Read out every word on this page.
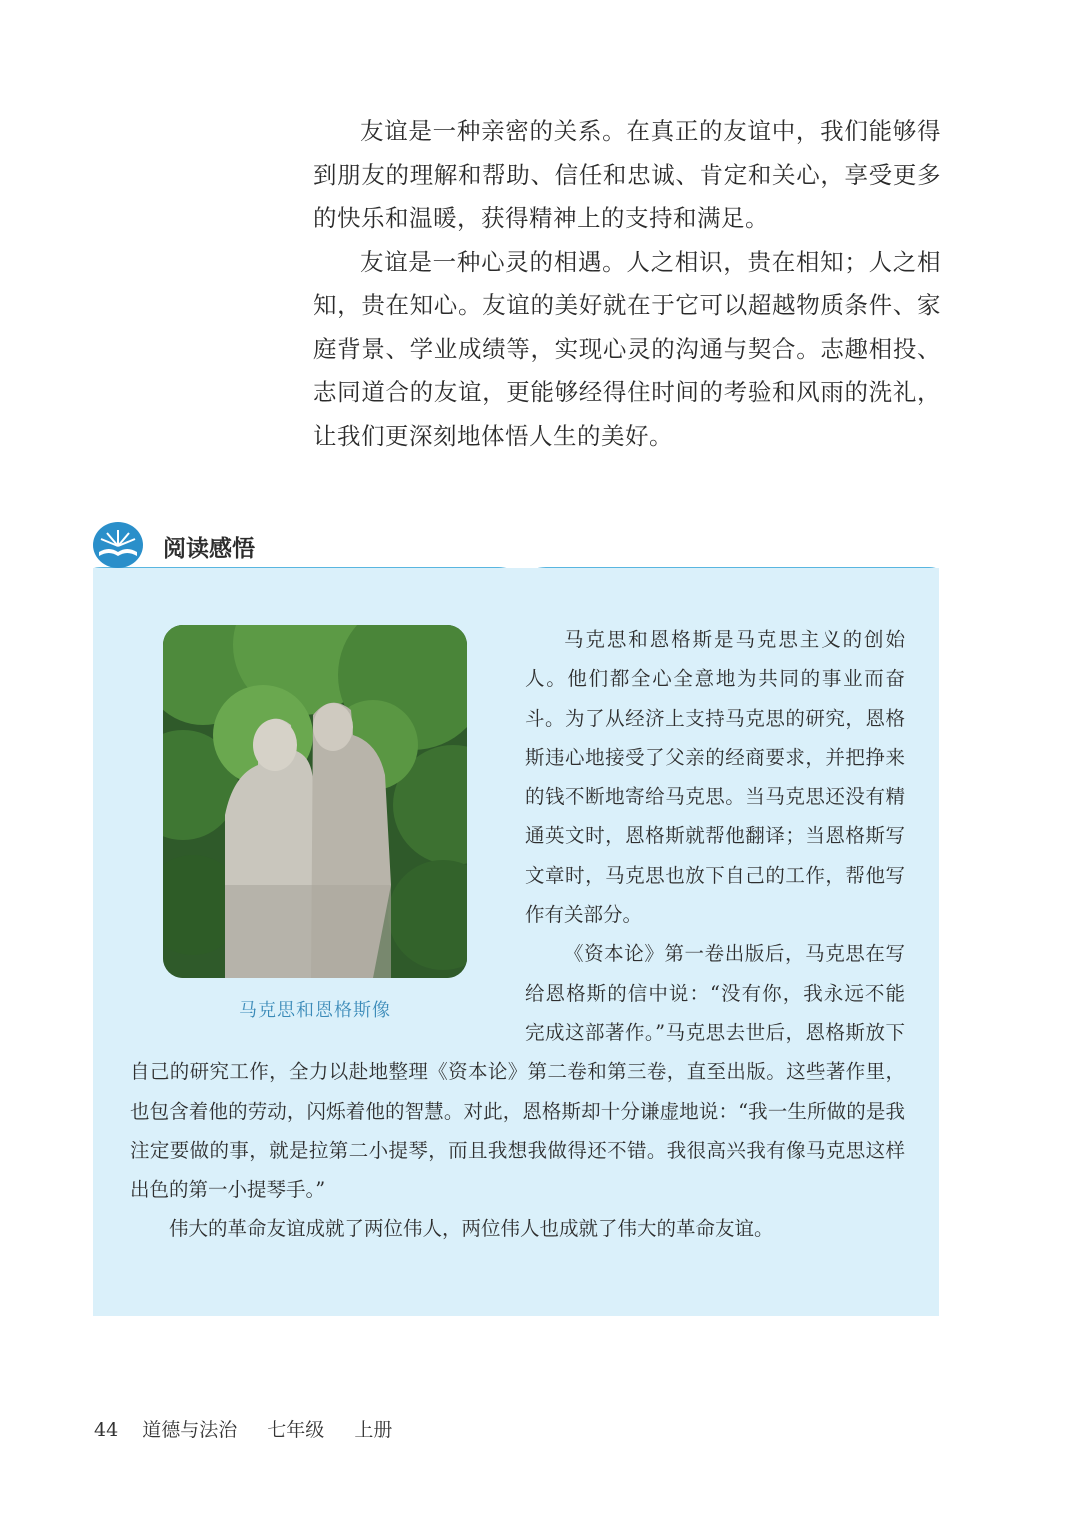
友谊是一种亲密的关系。在真正的友谊中，我们能够得到朋友的理解和帮助、信任和忠诚、肯定和关心，享受更多的快乐和温暖，获得精神上的支持和满足。

友谊是一种心灵的相遇。人之相识，贵在相知；人之相知，贵在知心。友谊的美好就在于它可以超越物质条件、家庭背景、学业成绩等，实现心灵的沟通与契合。志趣相投、志同道合的友谊，更能够经得住时间的考验和风雨的洗礼，让我们更深刻地体悟人生的美好。

阅读感悟
马克思和恩格斯像

马克思和恩格斯是马克思主义的创始人。他们都全心全意地为共同的事业而奋斗。为了从经济上支持马克思的研究，恩格斯违心地接受了父亲的经商要求，并把挣来的钱不断地寄给马克思。当马克思还没有精通英文时，恩格斯就帮他翻译；当恩格斯写文章时，马克思也放下自己的工作，帮他写作有关部分。

《资本论》第一卷出版后，马克思在写给恩格斯的信中说：“没有你，我永远不能完成这部著作。”马克思去世后，恩格斯放下自己的研究工作，全力以赴地整理《资本论》第二卷和第三卷，直至出版。这些著作里，也包含着他的劳动，闪烁着他的智慧。对此，恩格斯却十分谦虚地说：“我一生所做的是我注定要做的事，就是拉第二小提琴，而且我想我做得还不错。我很高兴我有像马克思这样出色的第一小提琴手。”

伟大的革命友谊成就了两位伟人，两位伟人也成就了伟大的革命友谊。

44 道德与法治 七年级 上册
